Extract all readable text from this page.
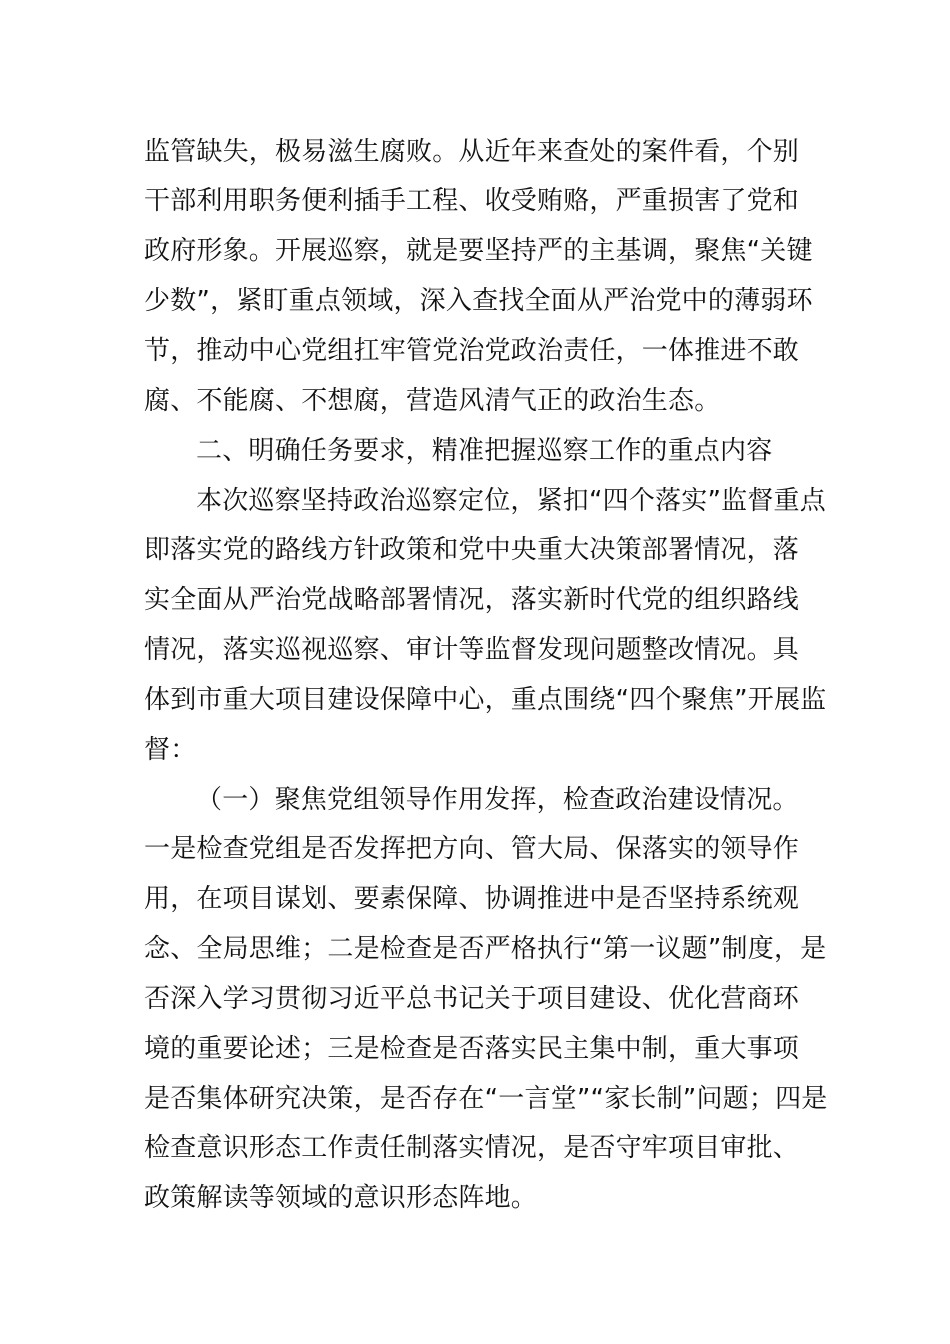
监管缺失，极易滋生腐败。从近年来查处的案件看，个别
干部利用职务便利插手工程、收受贿赂，严重损害了党和
政府形象。开展巡察，就是要坚持严的主基调，聚焦“关键
少数”，紧盯重点领域，深入查找全面从严治党中的薄弱环
节，推动中心党组扛牢管党治党政治责任，一体推进不敢
腐、不能腐、不想腐，营造风清气正的政治生态。
二、明确任务要求，精准把握巡察工作的重点内容
本次巡察坚持政治巡察定位，紧扣“四个落实”监督重点
即落实党的路线方针政策和党中央重大决策部署情况，落
实全面从严治党战略部署情况，落实新时代党的组织路线
情况，落实巡视巡察、审计等监督发现问题整改情况。具
体到市重大项目建设保障中心，重点围绕“四个聚焦”开展监
督：
（一）聚焦党组领导作用发挥，检查政治建设情况。
一是检查党组是否发挥把方向、管大局、保落实的领导作
用，在项目谋划、要素保障、协调推进中是否坚持系统观
念、全局思维；二是检查是否严格执行“第一议题”制度，是
否深入学习贯彻习近平总书记关于项目建设、优化营商环
境的重要论述；三是检查是否落实民主集中制，重大事项
是否集体研究决策，是否存在“一言堂”“家长制”问题；四是
检查意识形态工作责任制落实情况，是否守牢项目审批、
政策解读等领域的意识形态阵地。
